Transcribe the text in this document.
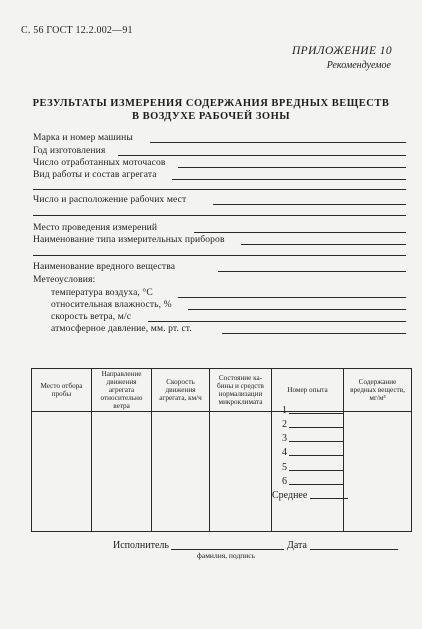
С. 56 ГОСТ 12.2.002—91
ПРИЛОЖЕНИЕ 10
Рекомендуемое
РЕЗУЛЬТАТЫ ИЗМЕРЕНИЯ СОДЕРЖАНИЯ ВРЕДНЫХ ВЕЩЕСТВ
В ВОЗДУХЕ РАБОЧЕЙ ЗОНЫ
Марка и номер машины
Год изготовления
Число отработанных моточасов
Вид работы и состав агрегата
Число и расположение рабочих мест
Место проведения измерений
Наименование типа измерительных приборов
Наименование вредного вещества
Метеоусловия:
температура воздуха, °С
относительная влажность, %
скорость ветра, м/с
атмосферное давление, мм. рт. ст.
Место отбора пробы	Направление движения агрегата относительно ветра	Скорость движения агрегата, км/ч	Состояние ка-бины и средств нормализации микроклимата	Номер опыта	Содержание вредных веществ, мг/м³

1
2
3
4
5
6
Среднее
Исполнитель	Дата
фамилия, подпись
